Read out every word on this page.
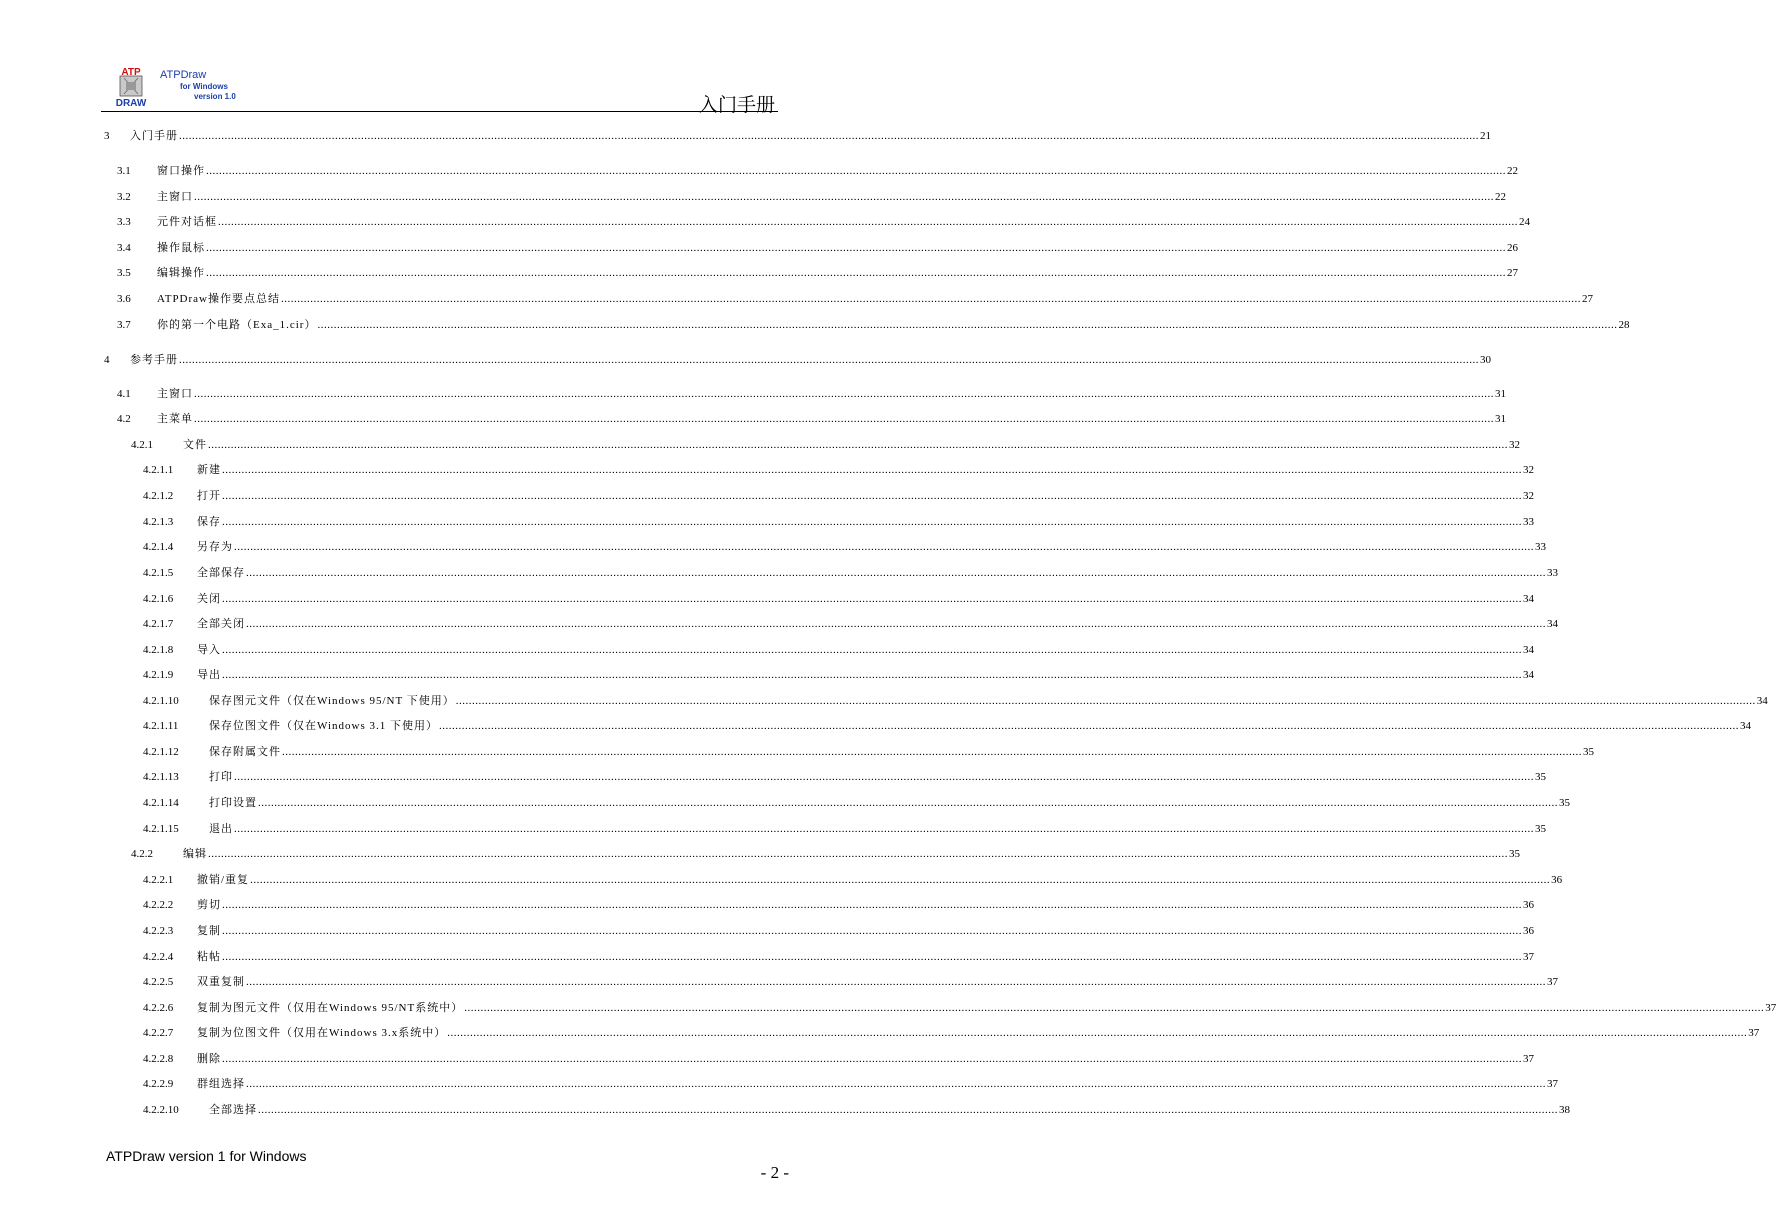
ATP
DRAW
ATPDraw
for Windows
version 1.0	入门手册
3	入门手册 ................................................................................................................................................................................................................................................................................................................................................................................................................ 21
3.1	窗口操作 ................................................................................................................................................................................................................................................................................................................................................................................................................ 22
3.2	主窗口 ................................................................................................................................................................................................................................................................................................................................................................................................................ 22
3.3	元件对话框 ................................................................................................................................................................................................................................................................................................................................................................................................................ 24
3.4	操作鼠标 ................................................................................................................................................................................................................................................................................................................................................................................................................ 26
3.5	编辑操作 ................................................................................................................................................................................................................................................................................................................................................................................................................ 27
3.6	ATPDraw操作要点总结 ................................................................................................................................................................................................................................................................................................................................................................................................................ 27
3.7	你的第一个电路（Exa_1.cir） ................................................................................................................................................................................................................................................................................................................................................................................................................ 28
4	参考手册 ................................................................................................................................................................................................................................................................................................................................................................................................................ 30
4.1	主窗口 ................................................................................................................................................................................................................................................................................................................................................................................................................ 31
4.2	主菜单 ................................................................................................................................................................................................................................................................................................................................................................................................................ 31
4.2.1	文件 ................................................................................................................................................................................................................................................................................................................................................................................................................ 32
4.2.1.1	新建 ................................................................................................................................................................................................................................................................................................................................................................................................................ 32
4.2.1.2	打开 ................................................................................................................................................................................................................................................................................................................................................................................................................ 32
4.2.1.3	保存 ................................................................................................................................................................................................................................................................................................................................................................................................................ 33
4.2.1.4	另存为 ................................................................................................................................................................................................................................................................................................................................................................................................................ 33
4.2.1.5	全部保存 ................................................................................................................................................................................................................................................................................................................................................................................................................ 33
4.2.1.6	关闭 ................................................................................................................................................................................................................................................................................................................................................................................................................ 34
4.2.1.7	全部关闭 ................................................................................................................................................................................................................................................................................................................................................................................................................ 34
4.2.1.8	导入 ................................................................................................................................................................................................................................................................................................................................................................................................................ 34
4.2.1.9	导出 ................................................................................................................................................................................................................................................................................................................................................................................................................ 34
4.2.1.10	保存图元文件（仅在Windows 95/NT 下使用） ................................................................................................................................................................................................................................................................................................................................................................................................................ 34
4.2.1.11	保存位图文件（仅在Windows 3.1 下使用） ................................................................................................................................................................................................................................................................................................................................................................................................................ 34
4.2.1.12	保存附属文件 ................................................................................................................................................................................................................................................................................................................................................................................................................ 35
4.2.1.13	打印 ................................................................................................................................................................................................................................................................................................................................................................................................................ 35
4.2.1.14	打印设置 ................................................................................................................................................................................................................................................................................................................................................................................................................ 35
4.2.1.15	退出 ................................................................................................................................................................................................................................................................................................................................................................................................................ 35
4.2.2	编辑 ................................................................................................................................................................................................................................................................................................................................................................................................................ 35
4.2.2.1	撤销/重复 ................................................................................................................................................................................................................................................................................................................................................................................................................ 36
4.2.2.2	剪切 ................................................................................................................................................................................................................................................................................................................................................................................................................ 36
4.2.2.3	复制 ................................................................................................................................................................................................................................................................................................................................................................................................................ 36
4.2.2.4	粘帖 ................................................................................................................................................................................................................................................................................................................................................................................................................ 37
4.2.2.5	双重复制 ................................................................................................................................................................................................................................................................................................................................................................................................................ 37
4.2.2.6	复制为图元文件（仅用在Windows 95/NT系统中） ................................................................................................................................................................................................................................................................................................................................................................................................................ 37
4.2.2.7	复制为位图文件（仅用在Windows 3.x系统中） ................................................................................................................................................................................................................................................................................................................................................................................................................ 37
4.2.2.8	删除 ................................................................................................................................................................................................................................................................................................................................................................................................................ 37
4.2.2.9	群组选择 ................................................................................................................................................................................................................................................................................................................................................................................................................ 37
4.2.2.10	全部选择 ................................................................................................................................................................................................................................................................................................................................................................................................................ 38
ATPDraw version 1 for Windows
- 2 -
